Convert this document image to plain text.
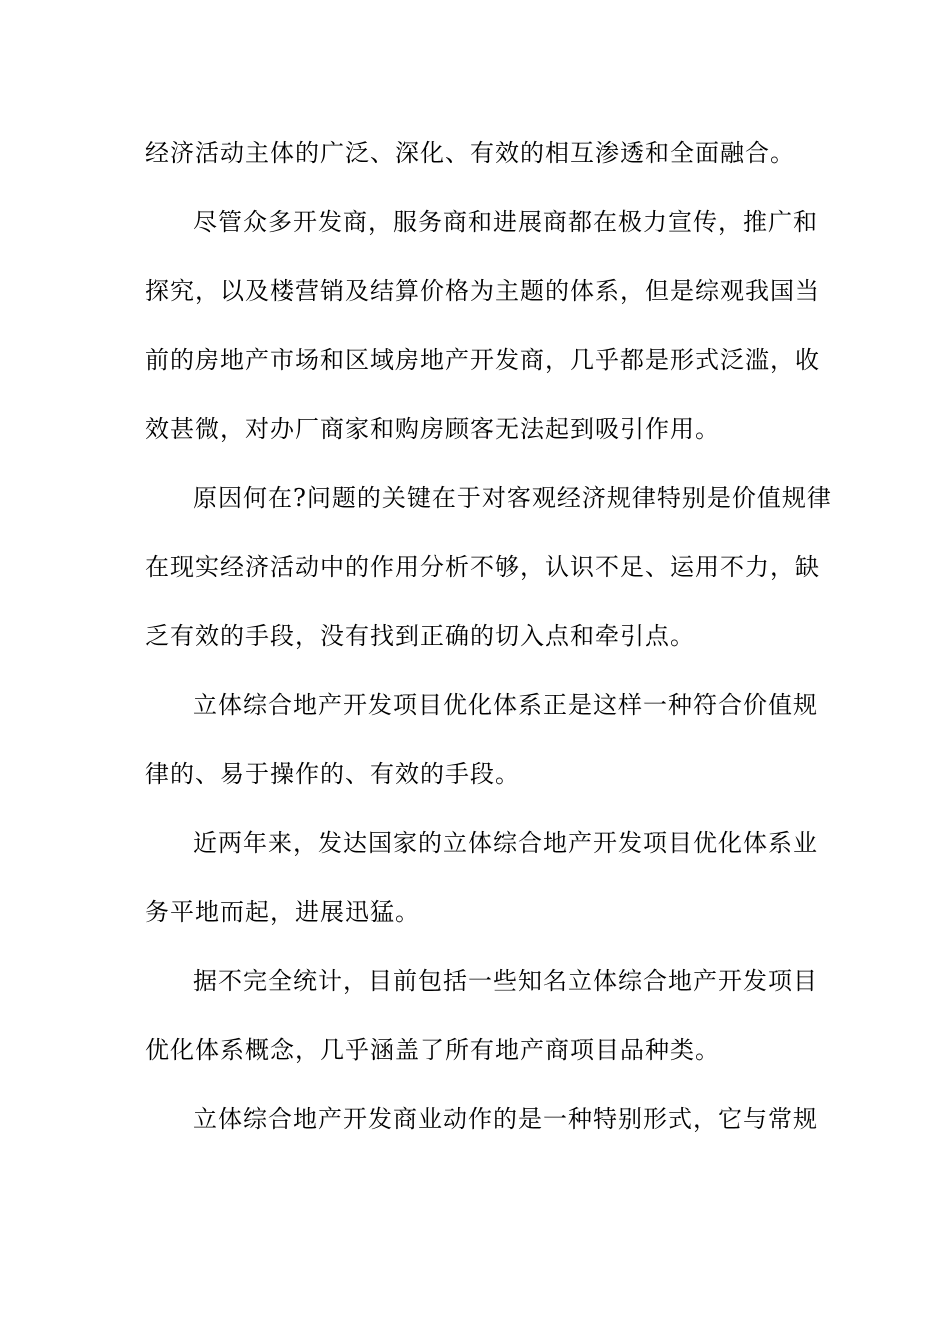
经济活动主体的广泛、深化、有效的相互渗透和全面融合。
尽管众多开发商，服务商和进展商都在极力宣传，推广和
探究，以及楼营销及结算价格为主题的体系，但是综观我国当
前的房地产市场和区域房地产开发商，几乎都是形式泛滥，收
效甚微，对办厂商家和购房顾客无法起到吸引作用。
原因何在?问题的关键在于对客观经济规律特别是价值规律
在现实经济活动中的作用分析不够，认识不足、运用不力，缺
乏有效的手段，没有找到正确的切入点和牵引点。
立体综合地产开发项目优化体系正是这样一种符合价值规
律的、易于操作的、有效的手段。
近两年来，发达国家的立体综合地产开发项目优化体系业
务平地而起，进展迅猛。
据不完全统计，目前包括一些知名立体综合地产开发项目
优化体系概念，几乎涵盖了所有地产商项目品种类。
立体综合地产开发商业动作的是一种特别形式，它与常规
